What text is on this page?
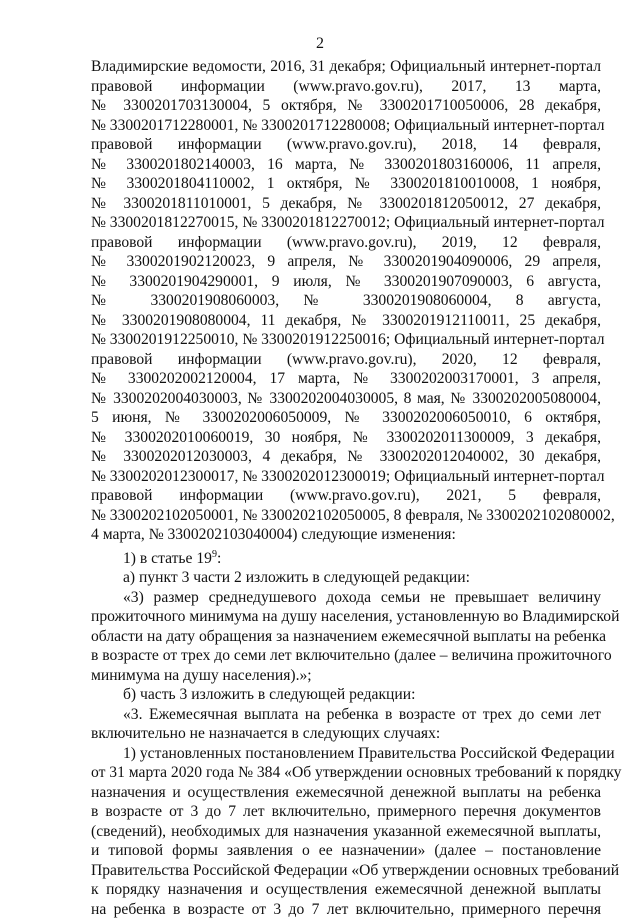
2

Владимирские ведомости, 2016, 31 декабря; Официальный интернет-портал

правовой информации (www.pravo.gov.ru), 2017, 13 марта,

№ 3300201703130004, 5 октября, № 3300201710050006, 28 декабря,

№ 3300201712280001, № 3300201712280008; Официальный интернет-портал

правовой информации (www.pravo.gov.ru), 2018, 14 февраля,

№ 3300201802140003, 16 марта, № 3300201803160006, 11 апреля,

№ 3300201804110002, 1 октября, № 3300201810010008, 1 ноября,

№ 3300201811010001, 5 декабря, № 3300201812050012, 27 декабря,

№ 3300201812270015, № 3300201812270012; Официальный интернет-портал

правовой информации (www.pravo.gov.ru), 2019, 12 февраля,

№ 3300201902120023, 9 апреля, № 3300201904090006, 29 апреля,

№ 3300201904290001, 9 июля, № 3300201907090003, 6 августа,

№ 3300201908060003, № 3300201908060004, 8 августа,

№ 3300201908080004, 11 декабря, № 3300201912110011, 25 декабря,

№ 3300201912250010, № 3300201912250016; Официальный интернет-портал

правовой информации (www.pravo.gov.ru), 2020, 12 февраля,

№ 3300202002120004, 17 марта, № 3300202003170001, 3 апреля,

№ 3300202004030003, № 3300202004030005, 8 мая, № 3300202005080004,

5 июня, № 3300202006050009, № 3300202006050010, 6 октября,

№ 3300202010060019, 30 ноября, № 3300202011300009, 3 декабря,

№ 3300202012030003, 4 декабря, № 3300202012040002, 30 декабря,

№ 3300202012300017, № 3300202012300019; Официальный интернет-портал

правовой информации (www.pravo.gov.ru), 2021, 5 февраля,

№ 3300202102050001, № 3300202102050005, 8 февраля, № 3300202102080002,

4 марта, № 3300202103040004) следующие изменения:

1) в статье $19^9$:

а) пункт 3 части 2 изложить в следующей редакции:

«3) размер среднедушевого дохода семьи не превышает величину

прожиточного минимума на душу населения, установленную во Владимирской

области на дату обращения за назначением ежемесячной выплаты на ребенка

в возрасте от трех до семи лет включительно (далее – величина прожиточного

минимума на душу населения).»;

б) часть 3 изложить в следующей редакции:

«3. Ежемесячная выплата на ребенка в возрасте от трех до семи лет

включительно не назначается в следующих случаях:

1) установленных постановлением Правительства Российской Федерации

от 31 марта 2020 года № 384 «Об утверждении основных требований к порядку

назначения и осуществления ежемесячной денежной выплаты на ребенка

в возрасте от 3 до 7 лет включительно, примерного перечня документов

(сведений), необходимых для назначения указанной ежемесячной выплаты,

и типовой формы заявления о ее назначении» (далее – постановление

Правительства Российской Федерации «Об утверждении основных требований

к порядку назначения и осуществления ежемесячной денежной выплаты

на ребенка в возрасте от 3 до 7 лет включительно, примерного перечня
